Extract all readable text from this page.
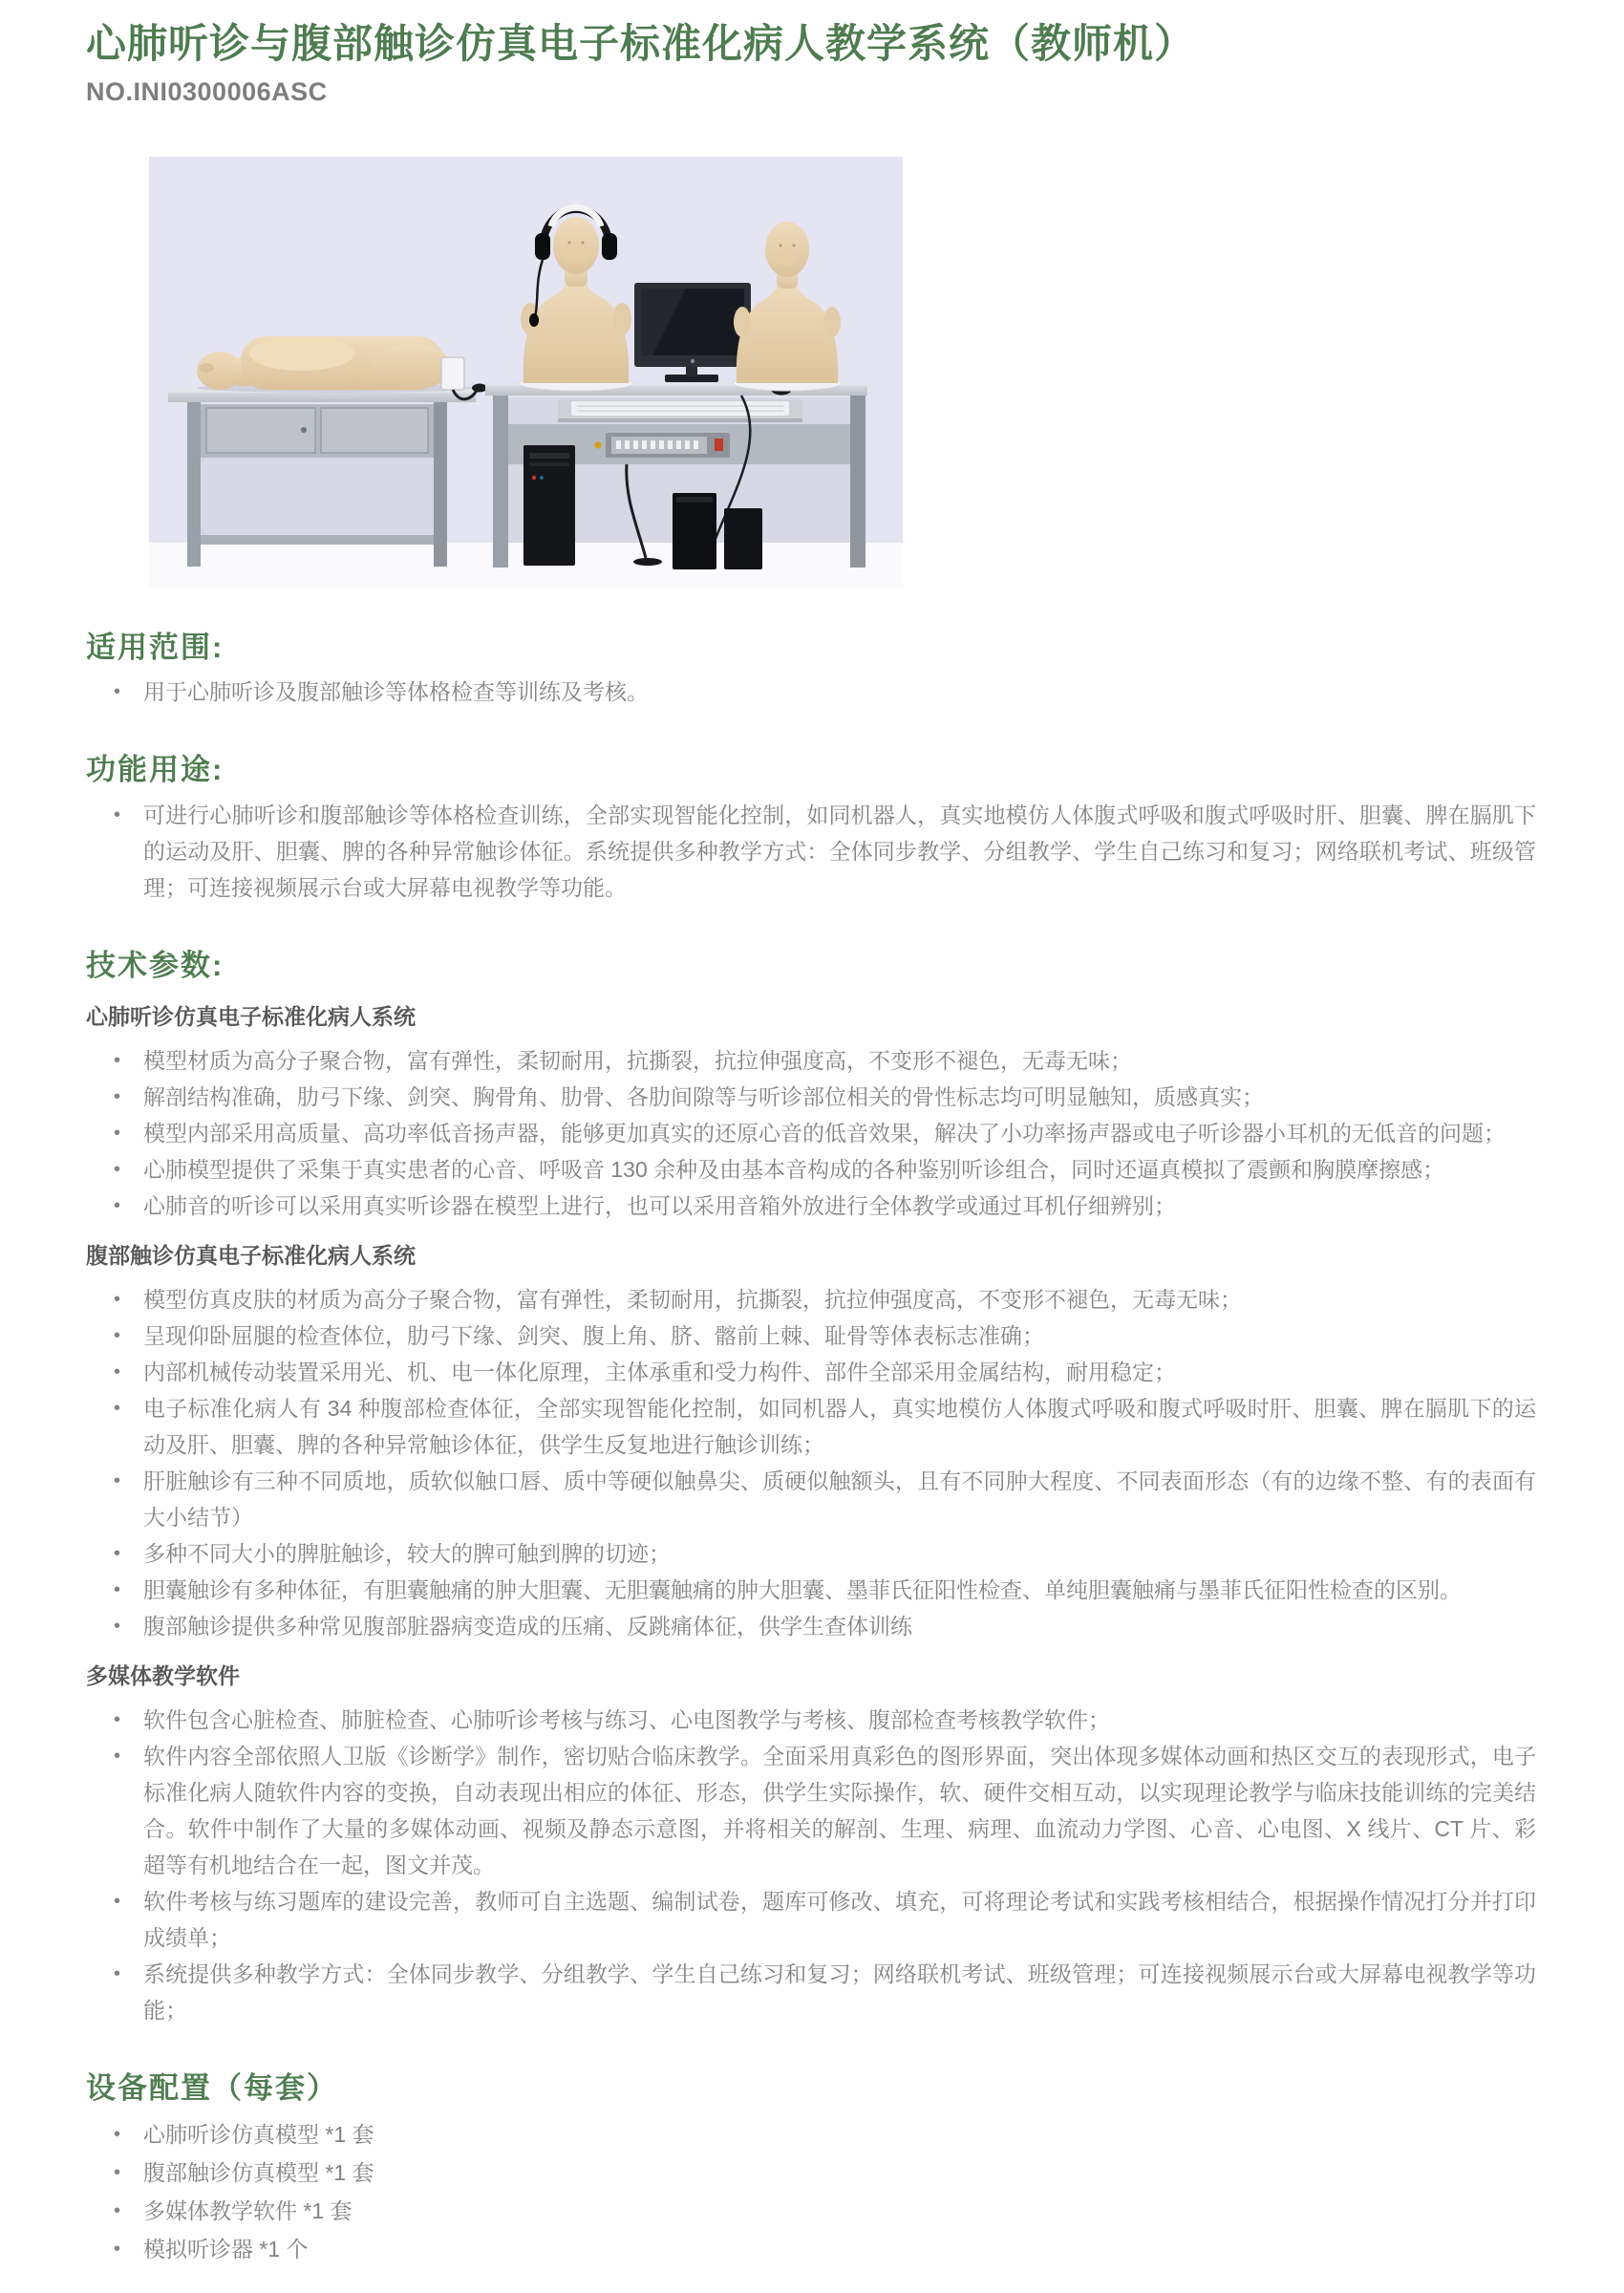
心肺听诊与腹部触诊仿真电子标准化病人教学系统（教师机）
NO.INI0300006ASC
适用范围:
• 用于心肺听诊及腹部触诊等体格检查等训练及考核。
功能用途:
• 可进行心肺听诊和腹部触诊等体格检查训练，全部实现智能化控制，如同机器人，真实地模仿人体腹式呼吸和腹式呼吸时肝、胆囊、脾在膈肌下的运动及肝、胆囊、脾的各种异常触诊体征。系统提供多种教学方式：全体同步教学、分组教学、学生自己练习和复习；网络联机考试、班级管理；可连接视频展示台或大屏幕电视教学等功能。
技术参数:
心肺听诊仿真电子标准化病人系统
• 模型材质为高分子聚合物，富有弹性，柔韧耐用，抗撕裂，抗拉伸强度高，不变形不褪色，无毒无味；
• 解剖结构准确，肋弓下缘、剑突、胸骨角、肋骨、各肋间隙等与听诊部位相关的骨性标志均可明显触知，质感真实；
• 模型内部采用高质量、高功率低音扬声器，能够更加真实的还原心音的低音效果，解决了小功率扬声器或电子听诊器小耳机的无低音的问题；
• 心肺模型提供了采集于真实患者的心音、呼吸音 130 余种及由基本音构成的各种鉴别听诊组合，同时还逼真模拟了震颤和胸膜摩擦感；
• 心肺音的听诊可以采用真实听诊器在模型上进行，也可以采用音箱外放进行全体教学或通过耳机仔细辨别；
腹部触诊仿真电子标准化病人系统
• 模型仿真皮肤的材质为高分子聚合物，富有弹性，柔韧耐用，抗撕裂，抗拉伸强度高，不变形不褪色，无毒无味；
• 呈现仰卧屈腿的检查体位，肋弓下缘、剑突、腹上角、脐、髂前上棘、耻骨等体表标志准确；
• 内部机械传动装置采用光、机、电一体化原理，主体承重和受力构件、部件全部采用金属结构，耐用稳定；
• 电子标准化病人有 34 种腹部检查体征，全部实现智能化控制，如同机器人，真实地模仿人体腹式呼吸和腹式呼吸时肝、胆囊、脾在膈肌下的运动及肝、胆囊、脾的各种异常触诊体征，供学生反复地进行触诊训练；
• 肝脏触诊有三种不同质地，质软似触口唇、质中等硬似触鼻尖、质硬似触额头，且有不同肿大程度、不同表面形态（有的边缘不整、有的表面有大小结节）
• 多种不同大小的脾脏触诊，较大的脾可触到脾的切迹；
• 胆囊触诊有多种体征，有胆囊触痛的肿大胆囊、无胆囊触痛的肿大胆囊、墨菲氏征阳性检查、单纯胆囊触痛与墨菲氏征阳性检查的区别。
• 腹部触诊提供多种常见腹部脏器病变造成的压痛、反跳痛体征，供学生查体训练
多媒体教学软件
• 软件包含心脏检查、肺脏检查、心肺听诊考核与练习、心电图教学与考核、腹部检查考核教学软件；
• 软件内容全部依照人卫版《诊断学》制作，密切贴合临床教学。全面采用真彩色的图形界面，突出体现多媒体动画和热区交互的表现形式，电子标准化病人随软件内容的变换，自动表现出相应的体征、形态，供学生实际操作，软、硬件交相互动，以实现理论教学与临床技能训练的完美结合。软件中制作了大量的多媒体动画、视频及静态示意图，并将相关的解剖、生理、病理、血流动力学图、心音、心电图、X 线片、CT 片、彩超等有机地结合在一起，图文并茂。
• 软件考核与练习题库的建设完善，教师可自主选题、编制试卷，题库可修改、填充，可将理论考试和实践考核相结合，根据操作情况打分并打印成绩单；
• 系统提供多种教学方式：全体同步教学、分组教学、学生自己练习和复习；网络联机考试、班级管理；可连接视频展示台或大屏幕电视教学等功能；
设备配置（每套）
• 心肺听诊仿真模型 *1 套
• 腹部触诊仿真模型 *1 套
• 多媒体教学软件 *1 套
• 模拟听诊器 *1 个
